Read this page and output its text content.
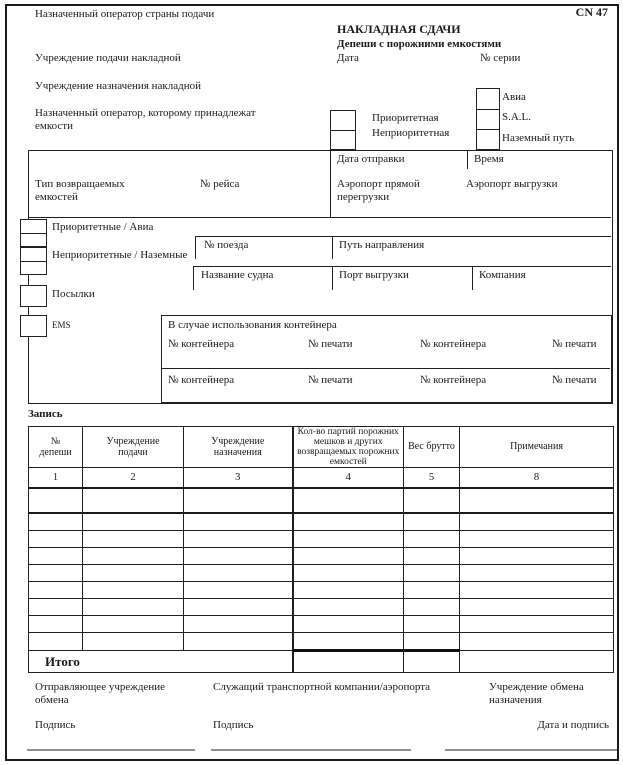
Назначенный оператор страны подачи	CN 47
НАКЛАДНАЯ СДАЧИ
Депеши с порожними емкостями
Учреждение подачи накладной	Дата	№ серии
Учреждение назначения накладной
Назначенный оператор, которому принадлежат емкости
Приоритетная
Неприоритетная
Авиа
S.A.L.
Наземный путь
Дата отправки	Время
Тип возвращаемых емкостей
№ рейса	Аэропорт прямой перегрузки
Аэропорт выгрузки
Приоритетные / Авиа
№ поезда	Путь направления
Неприоритетные / Наземные
Название судна	Порт выгрузки	Компания
Посылки
EMS	В случае использования контейнера
№ контейнера	№ печати	№ контейнера	№ печати
№ контейнера	№ печати	№ контейнера	№ печати
Запись
№ депеши	Учреждение подачи	Учреждение назначения	Кол-во партий порожних мешков и других возвращаемых порожних емкостей	Вес брутто	Примечания
1	2	3	4	5	8

Итого					
Отправляющее учреждение обмена
Служащий транспортной компании/аэропорта	Учреждение обмена назначения
Подпись	Подпись	Дата и подпись
